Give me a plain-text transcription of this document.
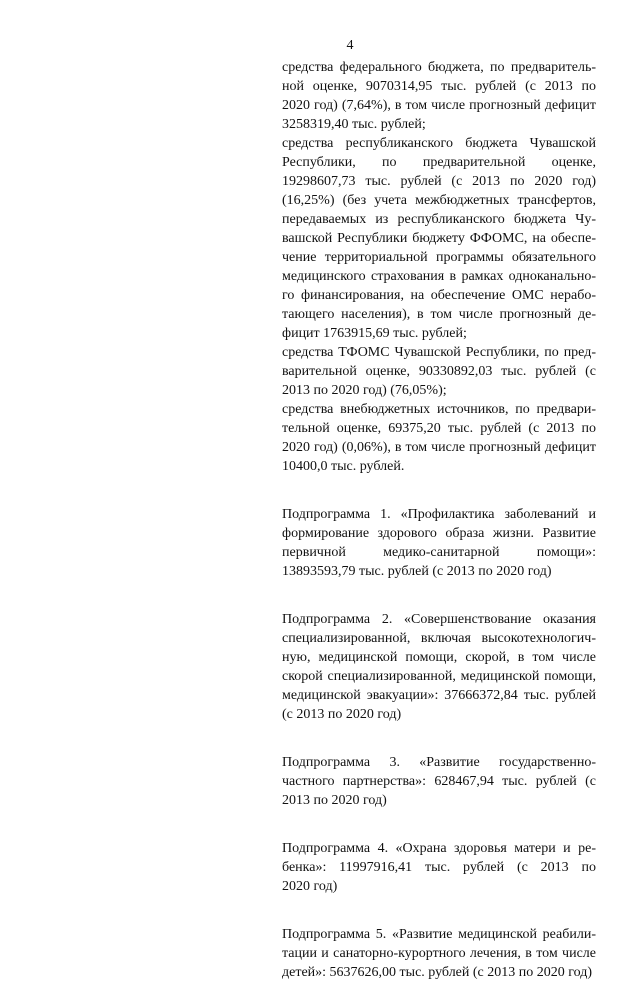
4
средства федерального бюджета, по предваритель-
ной оценке, 9070314,95 тыс. рублей (с 2013 по
2020 год) (7,64%), в том числе прогнозный дефицит
3258319,40 тыс. рублей;
средства республиканского бюджета Чувашской
Республики, по предварительной оценке,
19298607,73 тыс. рублей (с 2013 по 2020 год)
(16,25%) (без учета межбюджетных трансфертов,
передаваемых из республиканского бюджета Чу-
вашской Республики бюджету ФФОМС, на обеспе-
чение территориальной программы обязательного
медицинского страхования в рамках одноканально-
го финансирования, на обеспечение ОМС нерабо-
тающего населения), в том числе прогнозный де-
фицит 1763915,69 тыс. рублей;
средства ТФОМС Чувашской Республики, по пред-
варительной оценке, 90330892,03 тыс. рублей (с
2013 по 2020 год) (76,05%);
средства внебюджетных источников, по предвари-
тельной оценке, 69375,20 тыс. рублей (с 2013 по
2020 год) (0,06%), в том числе прогнозный дефицит
10400,0 тыс. рублей.
Подпрограмма 1. «Профилактика заболеваний и
формирование здорового образа жизни. Развитие
первичной медико-санитарной помощи»:
13893593,79 тыс. рублей (с 2013 по 2020 год)
Подпрограмма 2. «Совершенствование оказания
специализированной, включая высокотехнологич-
ную, медицинской помощи, скорой, в том числе
скорой специализированной, медицинской помощи,
медицинской эвакуации»: 37666372,84 тыс. рублей
(с 2013 по 2020 год)
Подпрограмма 3. «Развитие государственно-
частного партнерства»: 628467,94 тыс. рублей (с
2013 по 2020 год)
Подпрограмма 4. «Охрана здоровья матери и ре-
бенка»: 11997916,41 тыс. рублей (с 2013 по
2020 год)
Подпрограмма 5. «Развитие медицинской реабили-
тации и санаторно-курортного лечения, в том числе
детей»: 5637626,00 тыс. рублей (с 2013 по 2020 год)
